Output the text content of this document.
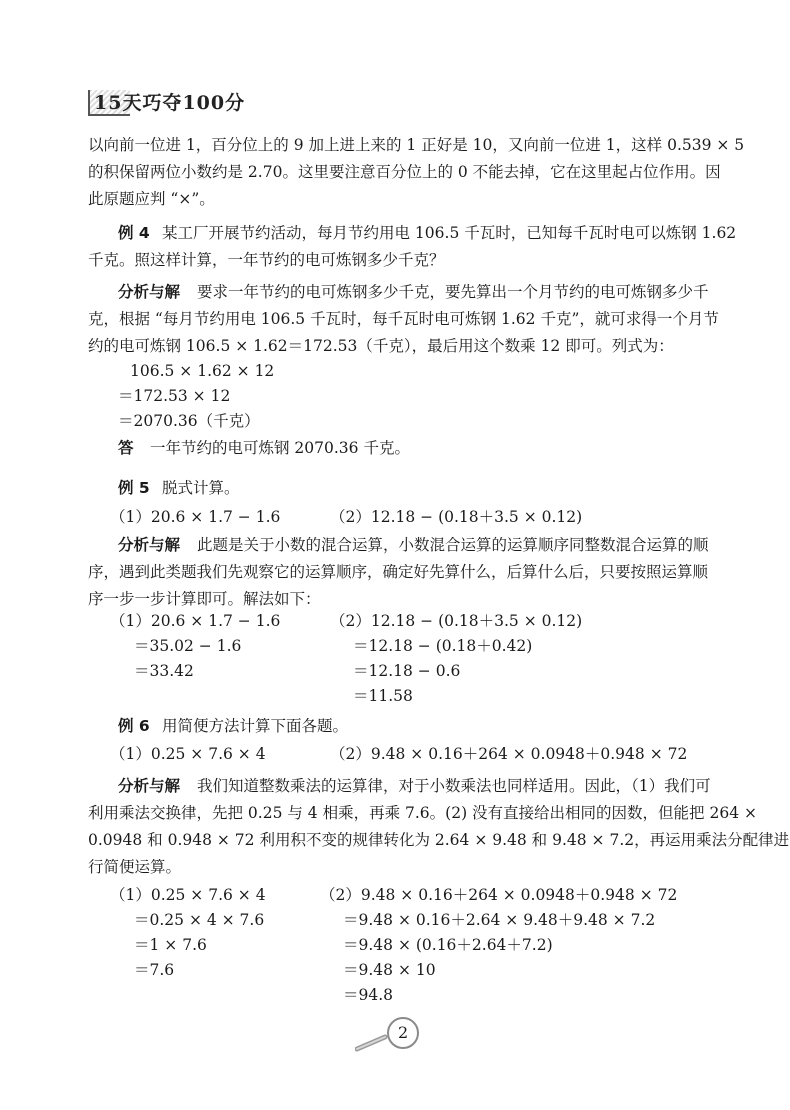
15天巧夺100分
以向前一位进 1，百分位上的 9 加上进上来的 1 正好是 10，又向前一位进 1，这样 0.539 × 5
的积保留两位小数约是 2.70。这里要注意百分位上的 0 不能去掉，它在这里起占位作用。因
此原题应判 “×”。
例 4 某工厂开展节约活动，每月节约用电 106.5 千瓦时，已知每千瓦时电可以炼钢 1.62
千克。照这样计算，一年节约的电可炼钢多少千克？
分析与解 要求一年节约的电可炼钢多少千克，要先算出一个月节约的电可炼钢多少千
克，根据 “每月节约用电 106.5 千瓦时，每千瓦时电可炼钢 1.62 千克”，就可求得一个月节
约的电可炼钢 106.5 × 1.62＝172.53（千克），最后用这个数乘 12 即可。列式为：
106.5 × 1.62 × 12
＝172.53 × 12
＝2070.36（千克）
答 一年节约的电可炼钢 2070.36 千克。
例 5 脱式计算。
（1）20.6 × 1.7 − 1.6	（2）12.18 − (0.18＋3.5 × 0.12)
分析与解 此题是关于小数的混合运算，小数混合运算的运算顺序同整数混合运算的顺
序，遇到此类题我们先观察它的运算顺序，确定好先算什么，后算什么后，只要按照运算顺
序一步一步计算即可。解法如下：
（1）20.6 × 1.7 − 1.6
＝35.02 − 1.6
＝33.42
（2）12.18 − (0.18＋3.5 × 0.12)
＝12.18 − (0.18＋0.42)
＝12.18 − 0.6
＝11.58
例 6 用简便方法计算下面各题。
（1）0.25 × 7.6 × 4	（2）9.48 × 0.16＋264 × 0.0948＋0.948 × 72
分析与解 我们知道整数乘法的运算律，对于小数乘法也同样适用。因此，（1）我们可
利用乘法交换律，先把 0.25 与 4 相乘，再乘 7.6。(2) 没有直接给出相同的因数，但能把 264 ×
0.0948 和 0.948 × 72 利用积不变的规律转化为 2.64 × 9.48 和 9.48 × 7.2，再运用乘法分配律进
行简便运算。
（1）0.25 × 7.6 × 4
＝0.25 × 4 × 7.6
＝1 × 7.6
＝7.6
（2）9.48 × 0.16＋264 × 0.0948＋0.948 × 72
＝9.48 × 0.16＋2.64 × 9.48＋9.48 × 7.2
＝9.48 × (0.16＋2.64＋7.2)
＝9.48 × 10
＝94.8
2
